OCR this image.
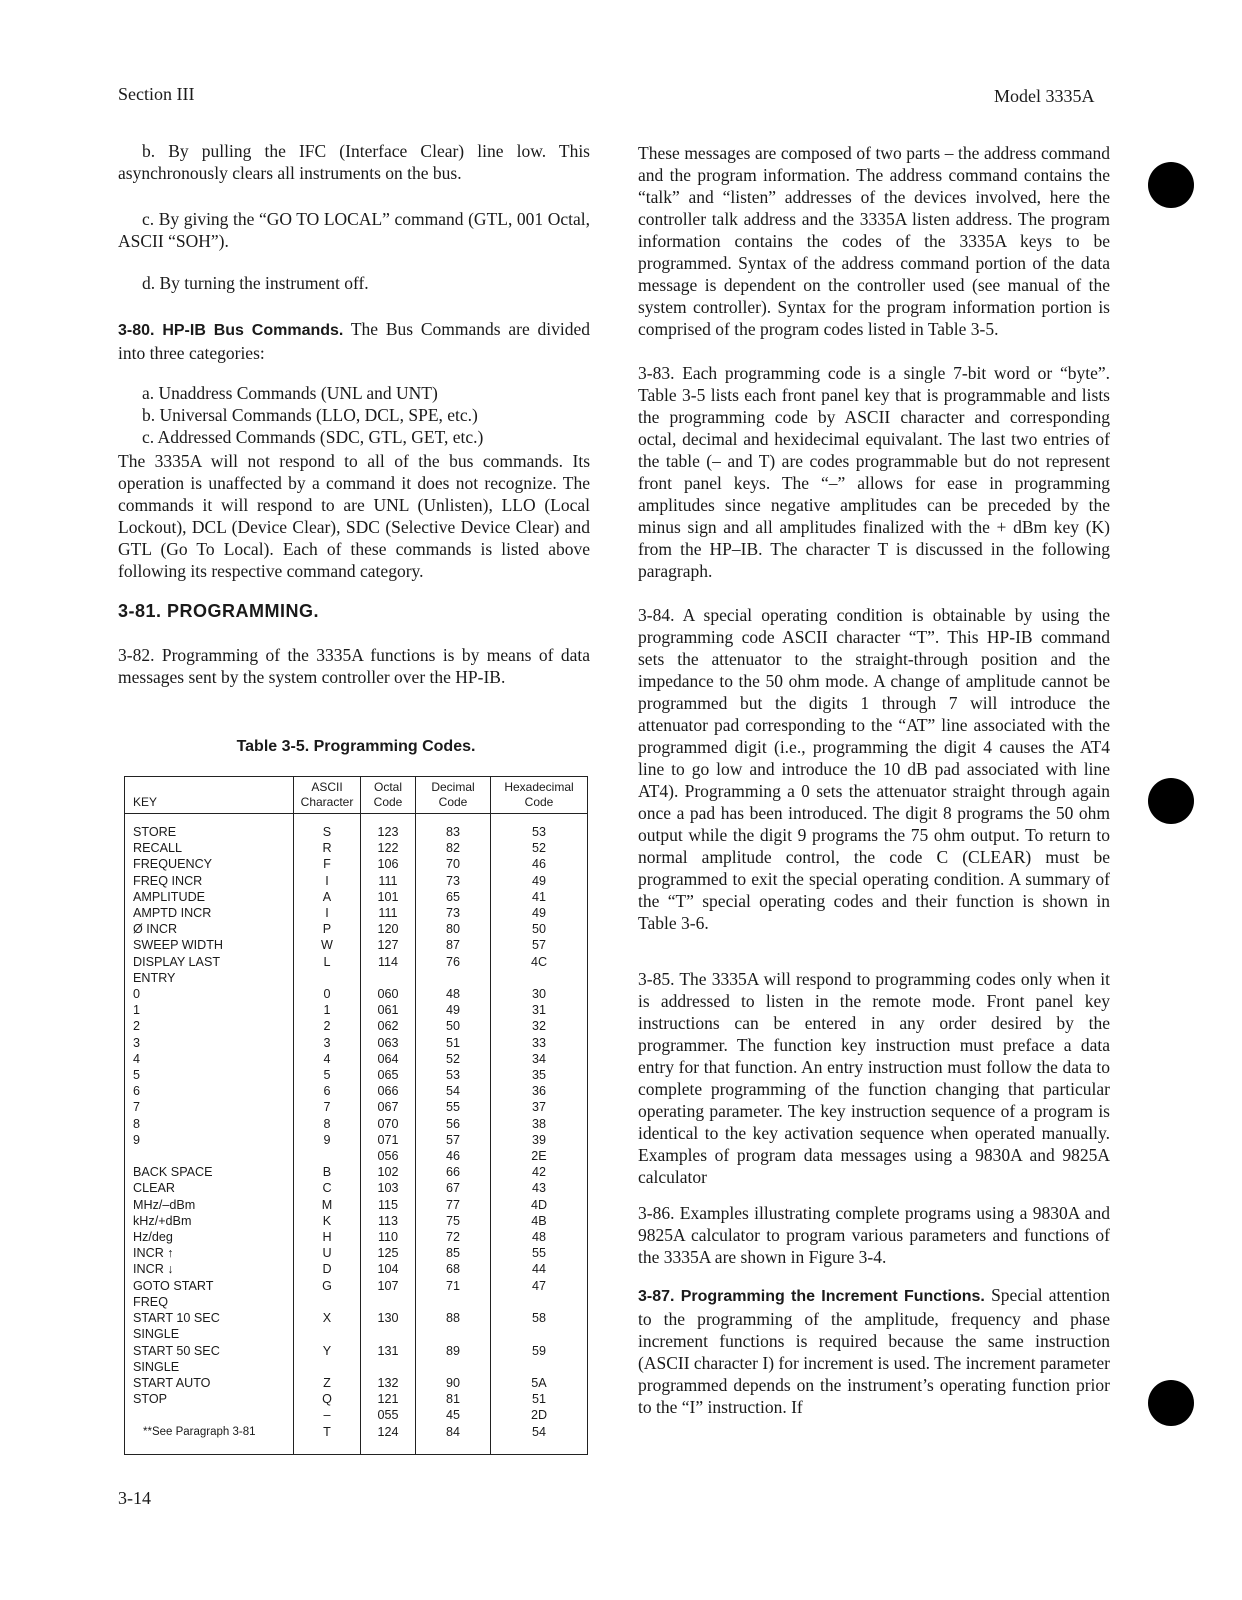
Section III	Model 3335A

b. By pulling the IFC (Interface Clear) line low. This asynchronously clears all instruments on the bus.

c. By giving the “GO TO LOCAL” command (GTL, 001 Octal, ASCII “SOH”).

d. By turning the instrument off.

3-80. HP-IB Bus Commands. The Bus Commands are divided into three categories:

a. Unaddress Commands (UNL and UNT)
b. Universal Commands (LLO, DCL, SPE, etc.)
c. Addressed Commands (SDC, GTL, GET, etc.)

The 3335A will not respond to all of the bus commands. Its operation is unaffected by a command it does not recognize. The commands it will respond to are UNL (Unlisten), LLO (Local Lockout), DCL (Device Clear), SDC (Selective Device Clear) and GTL (Go To Local). Each of these commands is listed above following its respective command category.

3-81. PROGRAMMING.

3-82. Programming of the 3335A functions is by means of data messages sent by the system controller over the HP-IB.

Table 3-5. Programming Codes.
KEY	ASCII Character	Octal Code	Decimal Code	Hexadecimal Code
STORE	S	123	83	53
RECALL	R	122	82	52
FREQUENCY	F	106	70	46
FREQ INCR	I	111	73	49
AMPLITUDE	A	101	65	41
AMPTD INCR	I	111	73	49
Ø INCR	P	120	80	50
SWEEP WIDTH	W	127	87	57
DISPLAY LAST	L	114	76	4C
ENTRY				
0	0	060	48	30
1	1	061	49	31
2	2	062	50	32
3	3	063	51	33
4	4	064	52	34
5	5	065	53	35
6	6	066	54	36
7	7	067	55	37
8	8	070	56	38
9	9	071	57	39
		056	46	2E
BACK SPACE	B	102	66	42
CLEAR	C	103	67	43
MHz/–dBm	M	115	77	4D
kHz/+dBm	K	113	75	4B
Hz/deg	H	110	72	48
INCR ↑	U	125	85	55
INCR ↓	D	104	68	44
GOTO START	G	107	71	47
FREQ				
START 10 SEC	X	130	88	58
SINGLE				
START 50 SEC	Y	131	89	59
SINGLE				
START AUTO	Z	132	90	5A
STOP	Q	121	81	51
	–	055	45	2D
**See Paragraph 3-81	T	124	84	54

These messages are composed of two parts – the address command and the program information. The address command contains the “talk” and “listen” addresses of the devices involved, here the controller talk address and the 3335A listen address. The program information contains the codes of the 3335A keys to be programmed. Syntax of the address command portion of the data message is dependent on the controller used (see manual of the system controller). Syntax for the program information portion is comprised of the program codes listed in Table 3-5.

3-83. Each programming code is a single 7-bit word or “byte”. Table 3-5 lists each front panel key that is programmable and lists the programming code by ASCII character and corresponding octal, decimal and hexidecimal equivalant. The last two entries of the table (– and T) are codes programmable but do not represent front panel keys. The “–” allows for ease in programming amplitudes since negative amplitudes can be preceded by the minus sign and all amplitudes finalized with the + dBm key (K) from the HP–IB. The character T is discussed in the following paragraph.

3-84. A special operating condition is obtainable by using the programming code ASCII character “T”. This HP-IB command sets the attenuator to the straight-through position and the impedance to the 50 ohm mode. A change of amplitude cannot be programmed but the digits 1 through 7 will introduce the attenuator pad corresponding to the “AT” line associated with the programmed digit (i.e., programming the digit 4 causes the AT4 line to go low and introduce the 10 dB pad associated with line AT4). Programming a 0 sets the attenuator straight through again once a pad has been introduced. The digit 8 programs the 50 ohm output while the digit 9 programs the 75 ohm output. To return to normal amplitude control, the code C (CLEAR) must be programmed to exit the special operating condition. A summary of the “T” special operating codes and their function is shown in Table 3-6.

3-85. The 3335A will respond to programming codes only when it is addressed to listen in the remote mode. Front panel key instructions can be entered in any order desired by the programmer. The function key instruction must preface a data entry for that function. An entry instruction must follow the data to complete programming of the function changing that particular operating parameter. The key instruction sequence of a program is identical to the key activation sequence when operated manually. Examples of program data messages using a 9830A and 9825A calculator

3-86. Examples illustrating complete programs using a 9830A and 9825A calculator to program various parameters and functions of the 3335A are shown in Figure 3-4.

3-87. Programming the Increment Functions. Special attention to the programming of the amplitude, frequency and phase increment functions is required because the same instruction (ASCII character I) for increment is used. The increment parameter programmed depends on the instrument’s operating function prior to the “I” instruction. If

3-14
